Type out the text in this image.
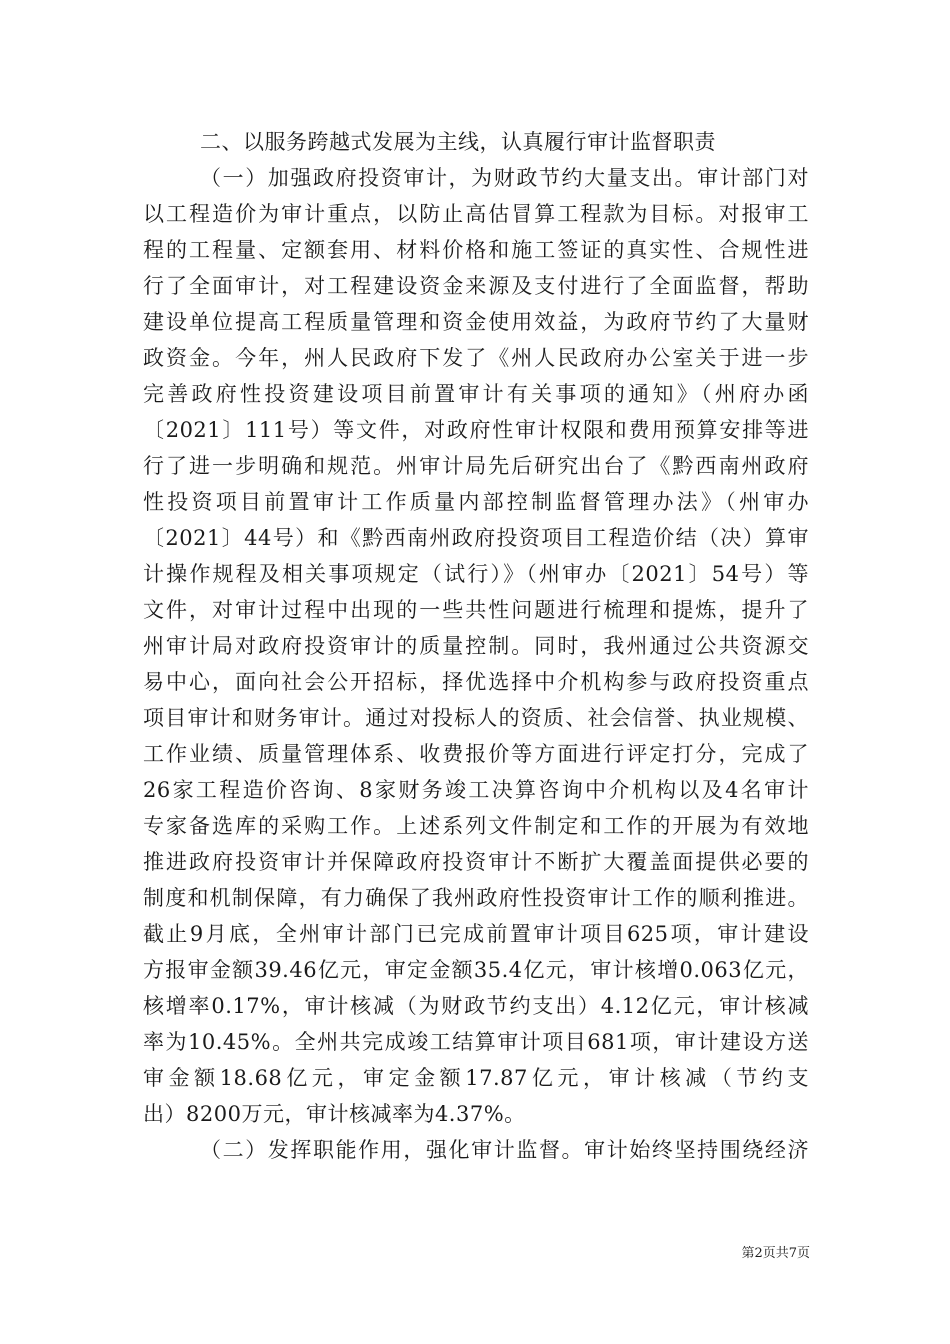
二、以服务跨越式发展为主线，认真履行审计监督职责
（一）加强政府投资审计，为财政节约大量支出。审计部门对
以工程造价为审计重点，以防止高估冒算工程款为目标。对报审工
程的工程量、定额套用、材料价格和施工签证的真实性、合规性进
行了全面审计，对工程建设资金来源及支付进行了全面监督，帮助
建设单位提高工程质量管理和资金使用效益，为政府节约了大量财
政资金。今年，州人民政府下发了《州人民政府办公室关于进一步
完善政府性投资建设项目前置审计有关事项的通知》（州府办函
〔2021〕111号）等文件，对政府性审计权限和费用预算安排等进
行了进一步明确和规范。州审计局先后研究出台了《黔西南州政府
性投资项目前置审计工作质量内部控制监督管理办法》（州审办
〔2021〕44号）和《黔西南州政府投资项目工程造价结（决）算审
计操作规程及相关事项规定（试行）》（州审办〔2021〕54号）等
文件，对审计过程中出现的一些共性问题进行梳理和提炼，提升了
州审计局对政府投资审计的质量控制。同时，我州通过公共资源交
易中心，面向社会公开招标，择优选择中介机构参与政府投资重点
项目审计和财务审计。通过对投标人的资质、社会信誉、执业规模、
工作业绩、质量管理体系、收费报价等方面进行评定打分，完成了
26家工程造价咨询、8家财务竣工决算咨询中介机构以及4名审计
专家备选库的采购工作。上述系列文件制定和工作的开展为有效地
推进政府投资审计并保障政府投资审计不断扩大覆盖面提供必要的
制度和机制保障，有力确保了我州政府性投资审计工作的顺利推进。
截止9月底，全州审计部门已完成前置审计项目625项，审计建设
方报审金额39.46亿元，审定金额35.4亿元，审计核增0.063亿元，
核增率0.17%，审计核减（为财政节约支出）4.12亿元，审计核减
率为10.45%。全州共完成竣工结算审计项目681项，审计建设方送
审金额18.68亿元，审定金额17.87亿元，审计核减（节约支
出）8200万元，审计核减率为4.37%。
（二）发挥职能作用，强化审计监督。审计始终坚持围绕经济
第2页共7页
